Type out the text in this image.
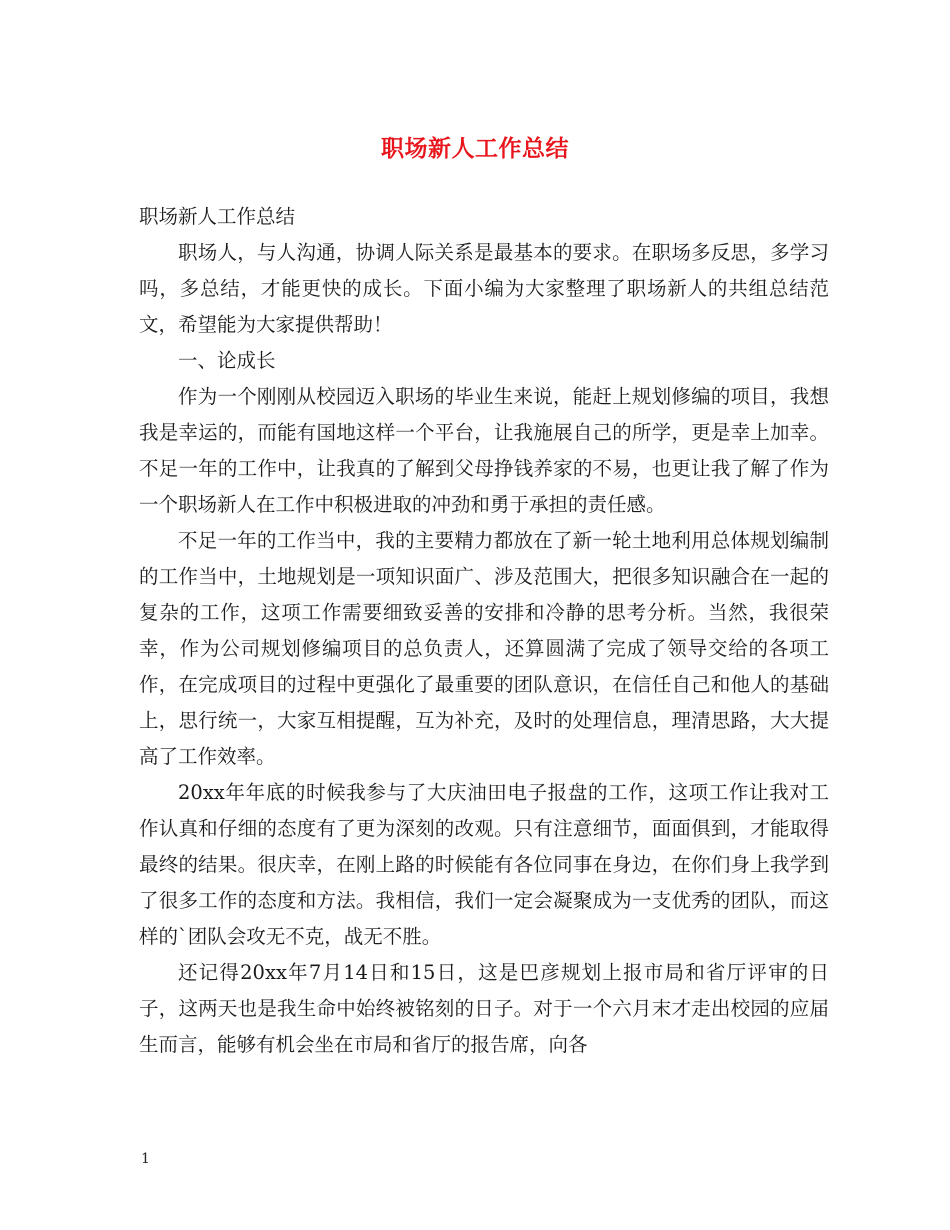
职场新人工作总结

职场新人工作总结

职场人，与人沟通，协调人际关系是最基本的要求。在职场多反思，多学习吗，多总结，才能更快的成长。下面小编为大家整理了职场新人的共组总结范文，希望能为大家提供帮助！

一、论成长

作为一个刚刚从校园迈入职场的毕业生来说，能赶上规划修编的项目，我想我是幸运的，而能有国地这样一个平台，让我施展自己的所学，更是幸上加幸。不足一年的工作中，让我真的了解到父母挣钱养家的不易，也更让我了解了作为一个职场新人在工作中积极进取的冲劲和勇于承担的责任感。

不足一年的工作当中，我的主要精力都放在了新一轮土地利用总体规划编制的工作当中，土地规划是一项知识面广、涉及范围大，把很多知识融合在一起的复杂的工作，这项工作需要细致妥善的安排和冷静的思考分析。当然，我很荣幸，作为公司规划修编项目的总负责人，还算圆满了完成了领导交给的各项工作，在完成项目的过程中更强化了最重要的团队意识，在信任自己和他人的基础上，思行统一，大家互相提醒，互为补充，及时的处理信息，理清思路，大大提高了工作效率。

20xx年年底的时候我参与了大庆油田电子报盘的工作，这项工作让我对工作认真和仔细的态度有了更为深刻的改观。只有注意细节，面面俱到，才能取得最终的结果。很庆幸，在刚上路的时候能有各位同事在身边，在你们身上我学到了很多工作的态度和方法。我相信，我们一定会凝聚成为一支优秀的团队，而这样的`团队会攻无不克，战无不胜。

还记得20xx年7月14日和15日，这是巴彦规划上报市局和省厅评审的日子，这两天也是我生命中始终被铭刻的日子。对于一个六月末才走出校园的应届生而言，能够有机会坐在市局和省厅的报告席，向各

1
